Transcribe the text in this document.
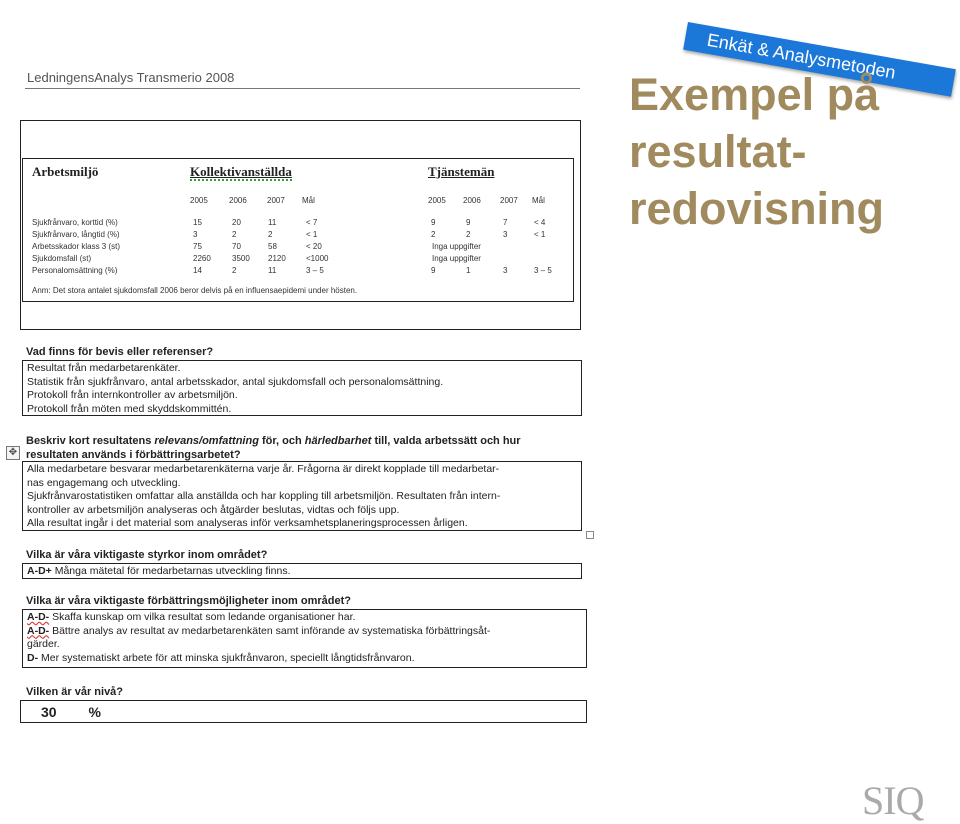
LedningensAnalys Transmerio 2008
Arbetsmiljö	Kollektivanställda	Tjänstemän
2005	2006	2007 Mål	2005 2006 2007 Mål
Sjukfrånvaro, korttid (%)	15	20	11	< 7	9	9	7	< 4
Sjukfrånvaro, långtid (%)	3	2	2	< 1	2	2	3	< 1
Arbetsskador klass 3 (st)	75	70	58	< 20	Inga uppgifter
Sjukdomsfall (st)	2260	3500 2120	<1000	Inga uppgifter
Personalomsättning (%)	14	2	11	3 – 5	9	1	3	3 – 5
Anm: Det stora antalet sjukdomsfall 2006 beror delvis på en influensaepidemi under hösten.
Vad finns för bevis eller referenser?
Resultat från medarbetarenkäter.
Statistik från sjukfrånvaro, antal arbetsskador, antal sjukdomsfall och personalomsättning.
Protokoll från internkontroller av arbetsmiljön.
Protokoll från möten med skyddskommittén.
✥
Beskriv kort resultatens relevans/omfattning för, och härledbarhet till, valda arbetssätt och hur
resultaten används i förbättringsarbetet?
Alla medarbetare besvarar medarbetarenkäterna varje år. Frågorna är direkt kopplade till medarbetar-
nas engagemang och utveckling.
Sjukfrånvarostatistiken omfattar alla anställda och har koppling till arbetsmiljön. Resultaten från intern-
kontroller av arbetsmiljön analyseras och åtgärder beslutas, vidtas och följs upp.
Alla resultat ingår i det material som analyseras inför verksamhetsplaneringsprocessen årligen.
Vilka är våra viktigaste styrkor inom området?
A-D+ Många mätetal för medarbetarnas utveckling finns.
Vilka är våra viktigaste förbättringsmöjligheter inom området?
A-D- Skaffa kunskap om vilka resultat som ledande organisationer har.
A-D- Bättre analys av resultat av medarbetarenkäten samt införande av systematiska förbättringsåt-
gärder.
D- Mer systematiskt arbete för att minska sjukfrånvaron, speciellt långtidsfrånvaron.
Vilken är vår nivå?
30 %
Enkät & Analysmetoden
Exempel på
resultat-
redovisning
SIQ
